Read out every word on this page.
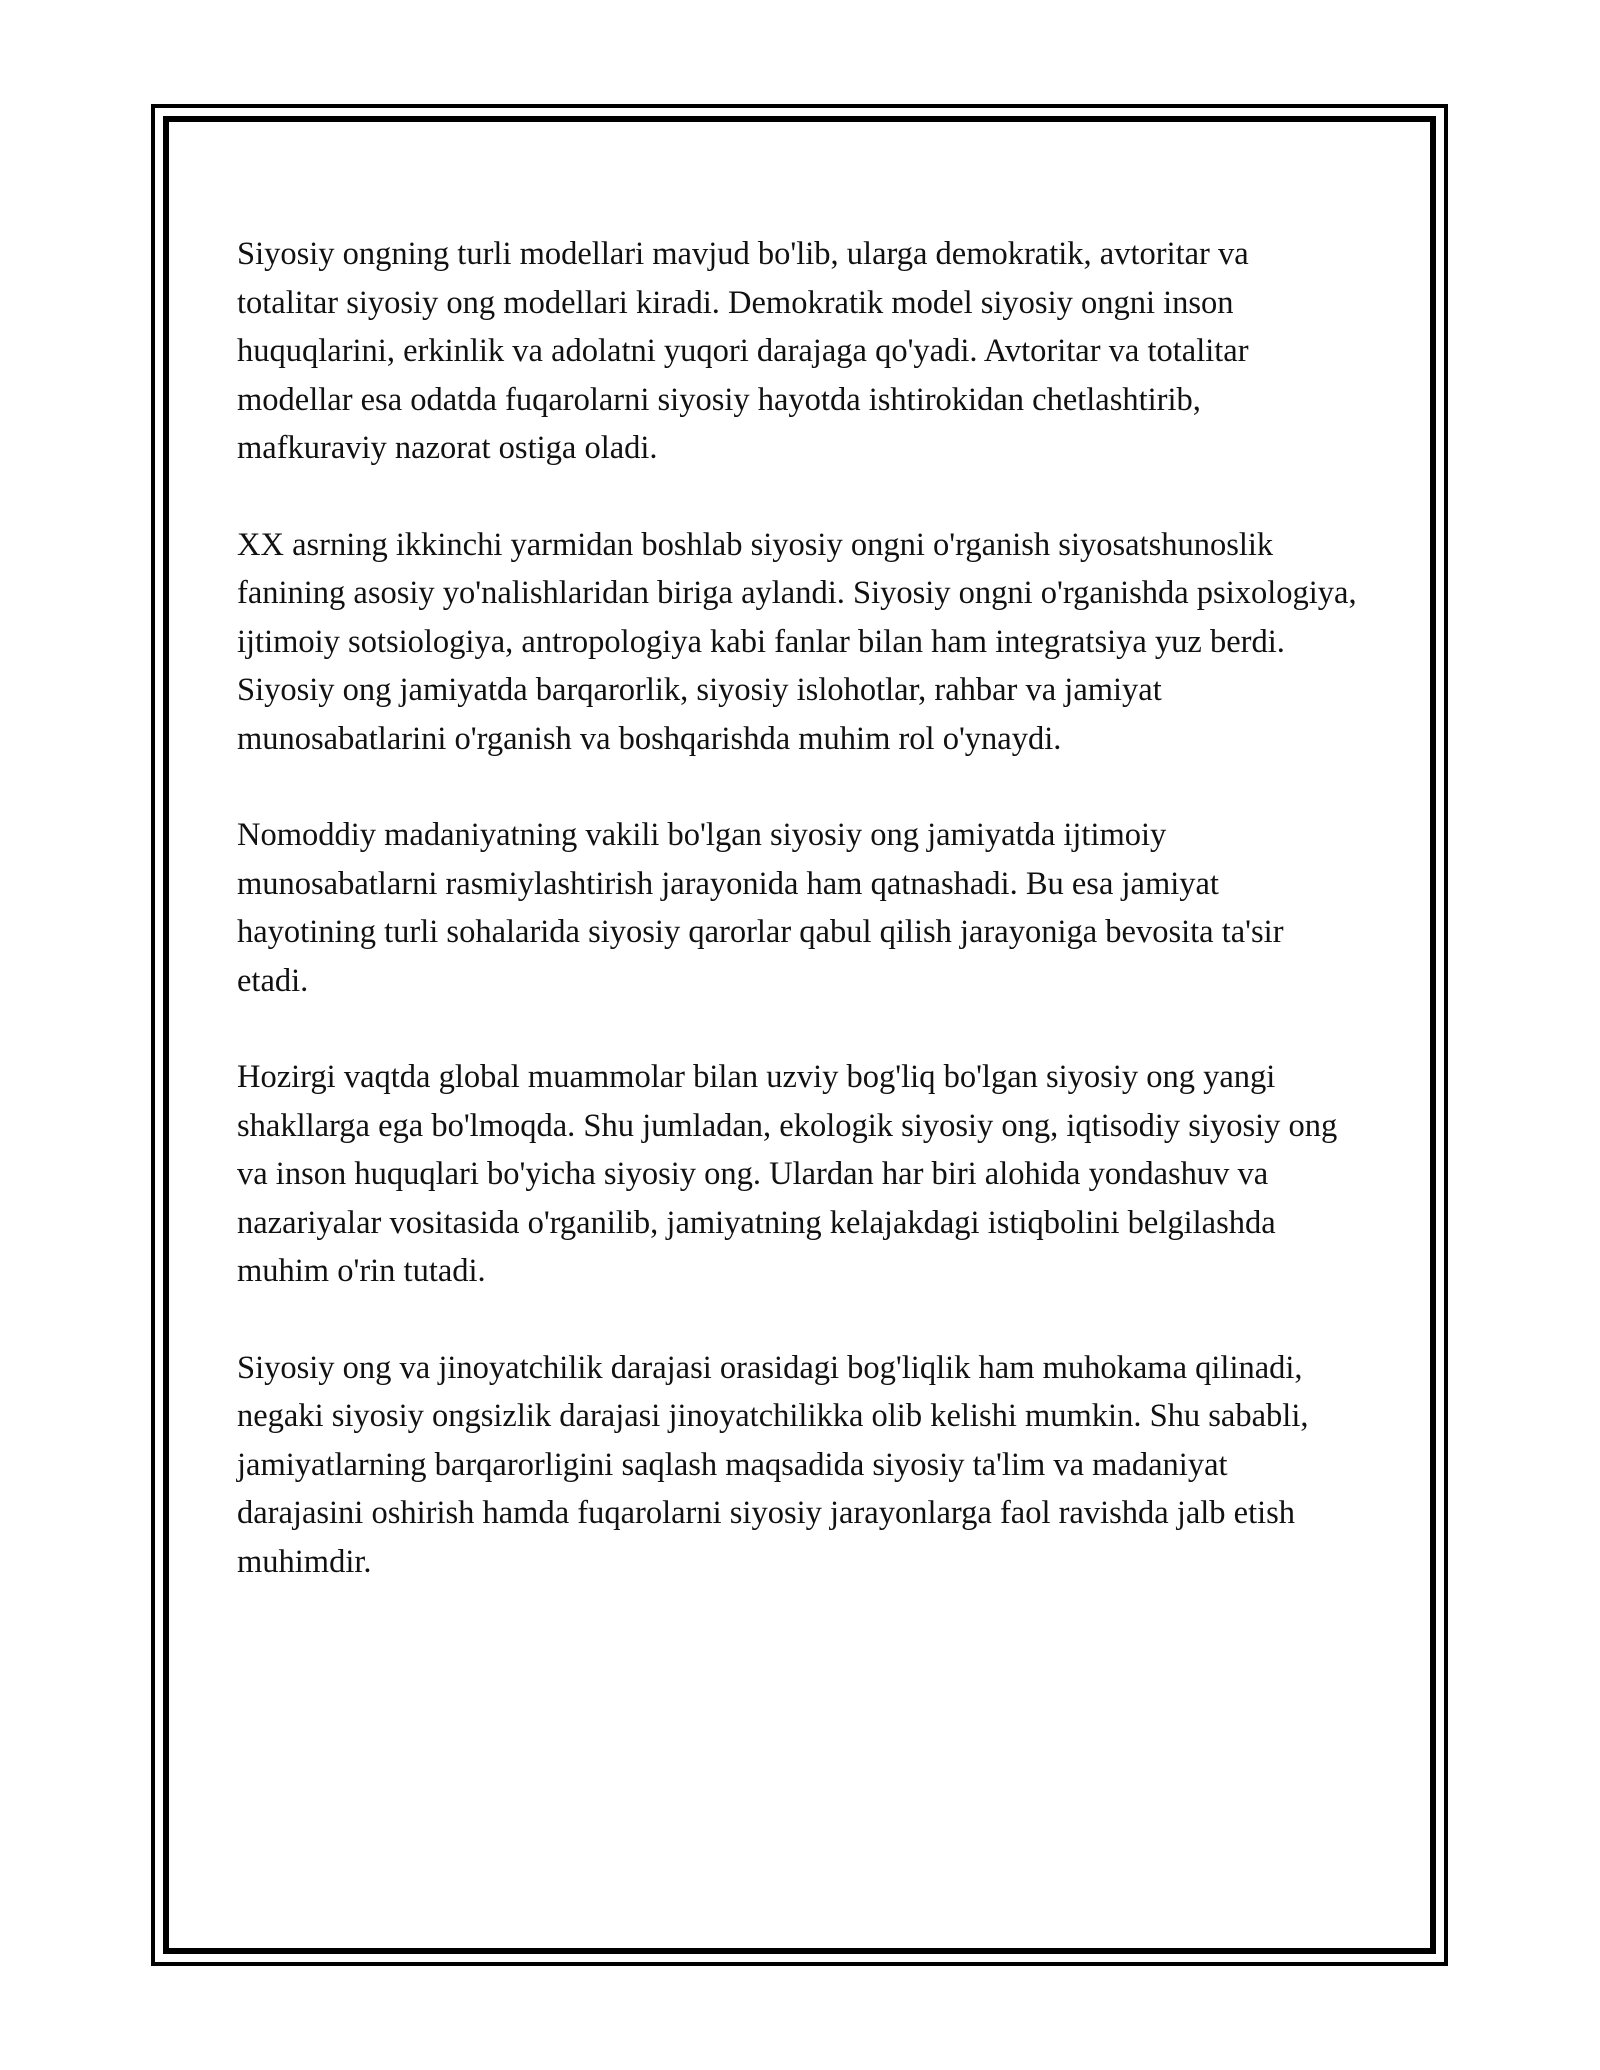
Siyosiy ongning turli modellari mavjud bo'lib, ularga demokratik, avtoritar va totalitar siyosiy ong modellari kiradi. Demokratik model siyosiy ongni inson huquqlarini, erkinlik va adolatni yuqori darajaga qo'yadi. Avtoritar va totalitar modellar esa odatda fuqarolarni siyosiy hayotda ishtirokidan chetlashtirib, mafkuraviy nazorat ostiga oladi.

XX asrning ikkinchi yarmidan boshlab siyosiy ongni o'rganish siyosatshunoslik fanining asosiy yo'nalishlaridan biriga aylandi. Siyosiy ongni o'rganishda psixologiya, ijtimoiy sotsiologiya, antropologiya kabi fanlar bilan ham integratsiya yuz berdi. Siyosiy ong jamiyatda barqarorlik, siyosiy islohotlar, rahbar va jamiyat munosabatlarini o'rganish va boshqarishda muhim rol o'ynaydi.

Nomoddiy madaniyatning vakili bo'lgan siyosiy ong jamiyatda ijtimoiy munosabatlarni rasmiylashtirish jarayonida ham qatnashadi. Bu esa jamiyat hayotining turli sohalarida siyosiy qarorlar qabul qilish jarayoniga bevosita ta'sir etadi.

Hozirgi vaqtda global muammolar bilan uzviy bog'liq bo'lgan siyosiy ong yangi shakllarga ega bo'lmoqda. Shu jumladan, ekologik siyosiy ong, iqtisodiy siyosiy ong va inson huquqlari bo'yicha siyosiy ong. Ulardan har biri alohida yondashuv va nazariyalar vositasida o'rganilib, jamiyatning kelajakdagi istiqbolini belgilashda muhim o'rin tutadi.

Siyosiy ong va jinoyatchilik darajasi orasidagi bog'liqlik ham muhokama qilinadi, negaki siyosiy ongsizlik darajasi jinoyatchilikka olib kelishi mumkin. Shu sababli, jamiyatlarning barqarorligini saqlash maqsadida siyosiy ta'lim va madaniyat darajasini oshirish hamda fuqarolarni siyosiy jarayonlarga faol ravishda jalb etish muhimdir.
